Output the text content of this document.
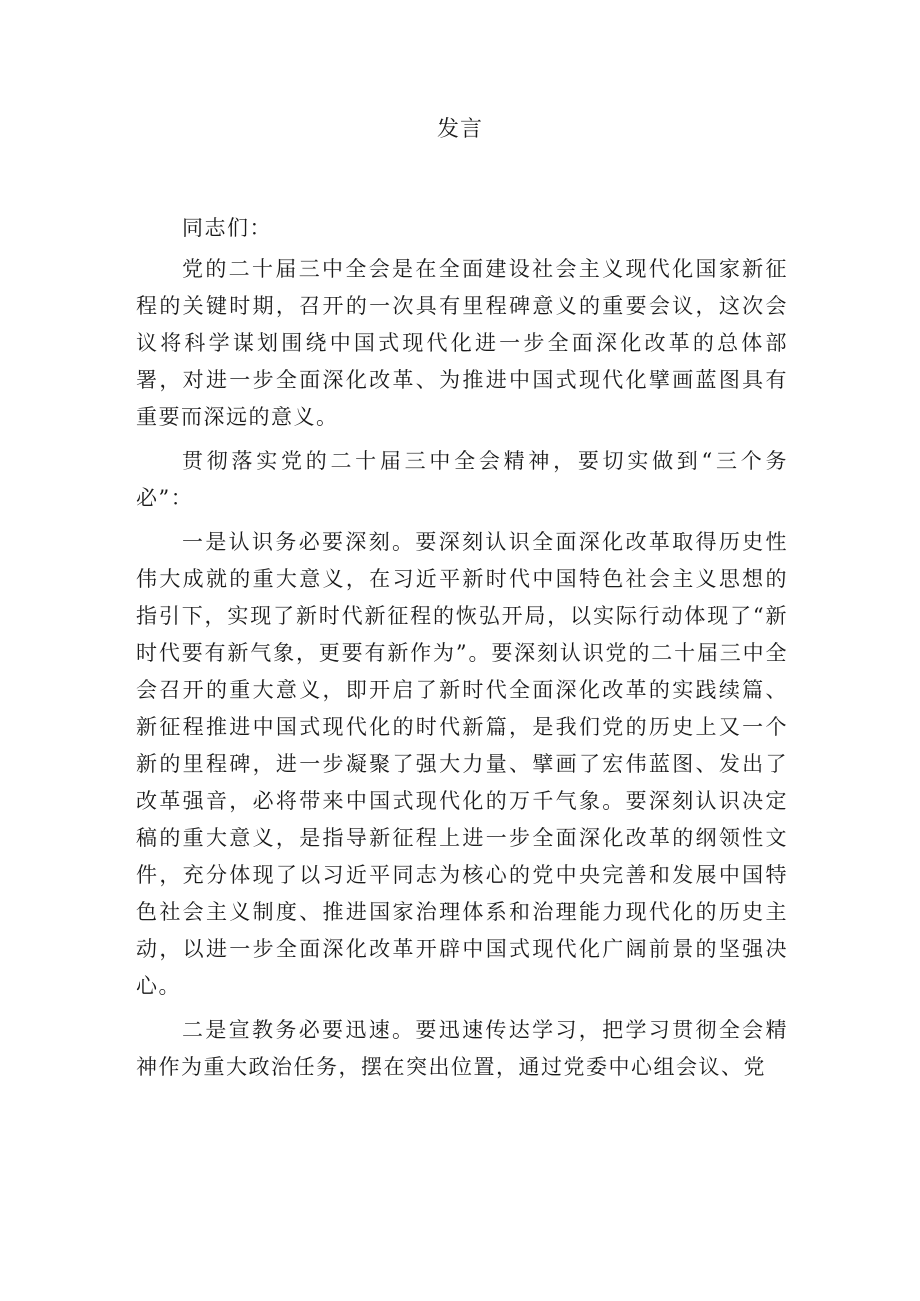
发言

同志们：

党的二十届三中全会是在全面建设社会主义现代化国家新征程的关键时期，召开的一次具有里程碑意义的重要会议，这次会议将科学谋划围绕中国式现代化进一步全面深化改革的总体部署，对进一步全面深化改革、为推进中国式现代化擘画蓝图具有重要而深远的意义。

贯彻落实党的二十届三中全会精神，要切实做到“三个务必”：

一是认识务必要深刻。要深刻认识全面深化改革取得历史性伟大成就的重大意义，在习近平新时代中国特色社会主义思想的指引下，实现了新时代新征程的恢弘开局，以实际行动体现了“新时代要有新气象，更要有新作为”。要深刻认识党的二十届三中全会召开的重大意义，即开启了新时代全面深化改革的实践续篇、新征程推进中国式现代化的时代新篇，是我们党的历史上又一个新的里程碑，进一步凝聚了强大力量、擘画了宏伟蓝图、发出了改革强音，必将带来中国式现代化的万千气象。要深刻认识决定稿的重大意义，是指导新征程上进一步全面深化改革的纲领性文件，充分体现了以习近平同志为核心的党中央完善和发展中国特色社会主义制度、推进国家治理体系和治理能力现代化的历史主动，以进一步全面深化改革开辟中国式现代化广阔前景的坚强决心。

二是宣教务必要迅速。要迅速传达学习，把学习贯彻全会精神作为重大政治任务，摆在突出位置，通过党委中心组会议、党
